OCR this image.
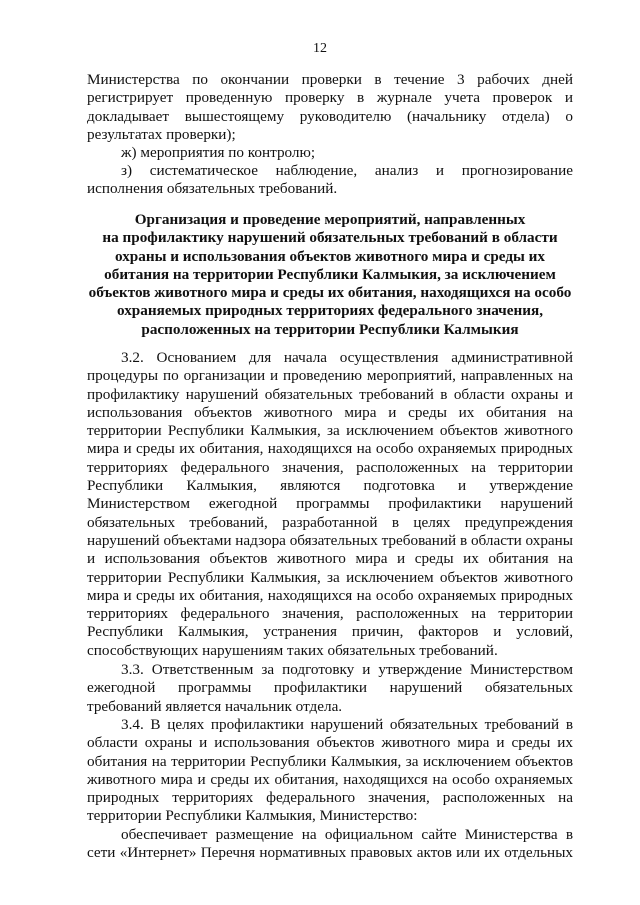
12
Министерства по окончании проверки в течение 3 рабочих дней
регистрирует проведенную проверку в журнале учета проверок и
докладывает вышестоящему руководителю (начальнику отдела) о
результатах проверки);
ж) мероприятия по контролю;
з) систематическое наблюдение, анализ и прогнозирование
исполнения обязательных требований.
Организация и проведение мероприятий, направленных
на профилактику нарушений обязательных требований в области
охраны и использования объектов животного мира и среды их
обитания на территории Республики Калмыкия, за исключением
объектов животного мира и среды их обитания, находящихся на особо
охраняемых природных территориях федерального значения,
расположенных на территории Республики Калмыкия
3.2. Основанием для начала осуществления административной
процедуры по организации и проведению мероприятий, направленных на
профилактику нарушений обязательных требований в области охраны и
использования объектов животного мира и среды их обитания на
территории Республики Калмыкия, за исключением объектов животного
мира и среды их обитания, находящихся на особо охраняемых природных
территориях федерального значения, расположенных на территории
Республики Калмыкия, являются подготовка и утверждение
Министерством ежегодной программы профилактики нарушений
обязательных требований, разработанной в целях предупреждения
нарушений объектами надзора обязательных требований в области охраны
и использования объектов животного мира и среды их обитания на
территории Республики Калмыкия, за исключением объектов животного
мира и среды их обитания, находящихся на особо охраняемых природных
территориях федерального значения, расположенных на территории
Республики Калмыкия, устранения причин, факторов и условий,
способствующих нарушениям таких обязательных требований.
3.3. Ответственным за подготовку и утверждение Министерством
ежегодной программы профилактики нарушений обязательных
требований является начальник отдела.
3.4. В целях профилактики нарушений обязательных требований в
области охраны и использования объектов животного мира и среды их
обитания на территории Республики Калмыкия, за исключением объектов
животного мира и среды их обитания, находящихся на особо охраняемых
природных территориях федерального значения, расположенных на
территории Республики Калмыкия, Министерство:
обеспечивает размещение на официальном сайте Министерства в
сети «Интернет» Перечня нормативных правовых актов или их отдельных
